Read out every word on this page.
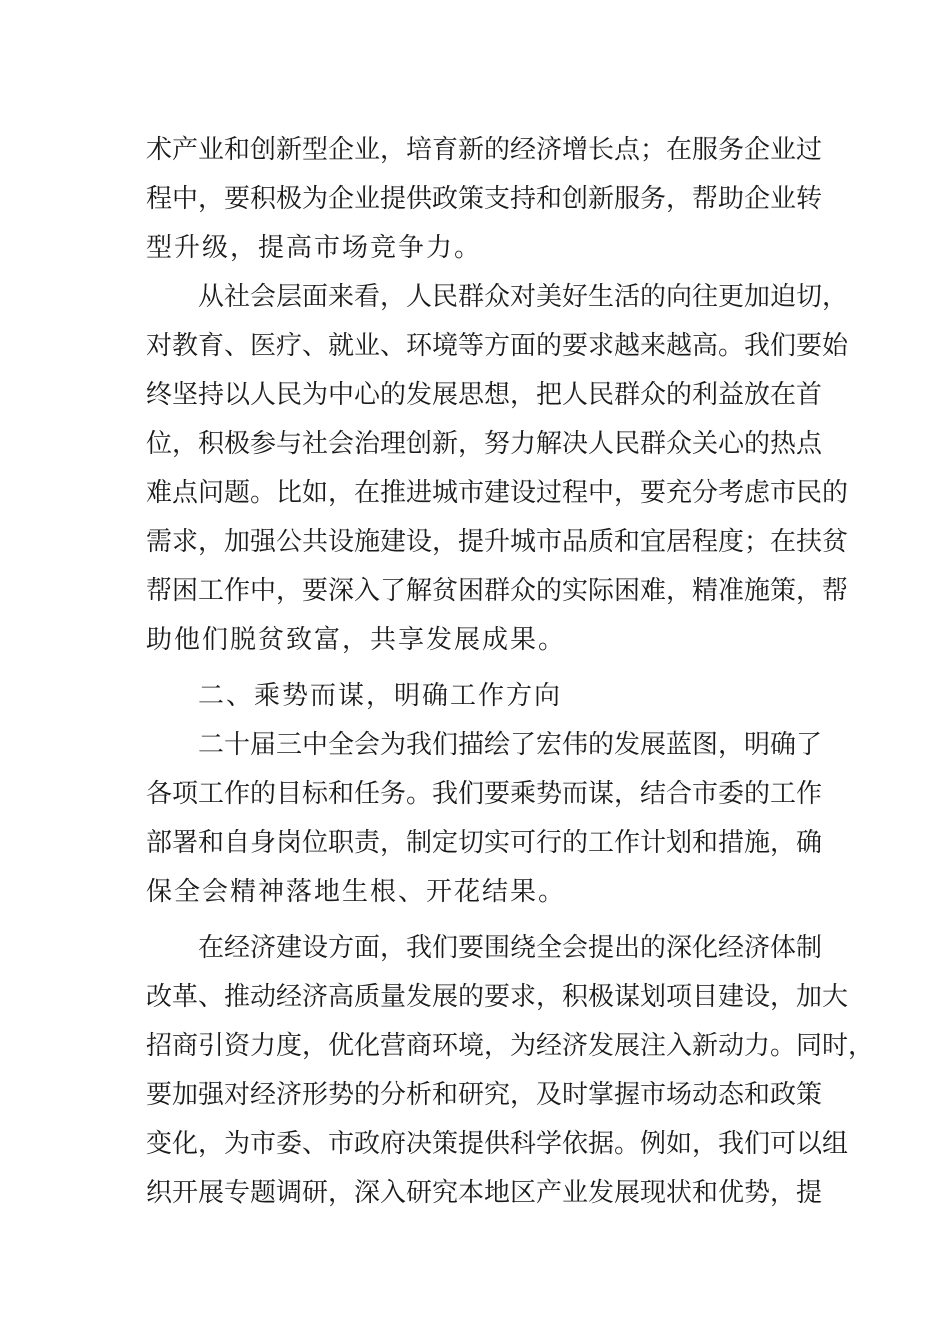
术产业和创新型企业，培育新的经济增长点；在服务企业过
程中，要积极为企业提供政策支持和创新服务，帮助企业转
型升级，提高市场竞争力。
从社会层面来看，人民群众对美好生活的向往更加迫切，
对教育、医疗、就业、环境等方面的要求越来越高。我们要始
终坚持以人民为中心的发展思想，把人民群众的利益放在首
位，积极参与社会治理创新，努力解决人民群众关心的热点
难点问题。比如，在推进城市建设过程中，要充分考虑市民的
需求，加强公共设施建设，提升城市品质和宜居程度；在扶贫
帮困工作中，要深入了解贫困群众的实际困难，精准施策，帮
助他们脱贫致富，共享发展成果。
二、乘势而谋，明确工作方向
二十届三中全会为我们描绘了宏伟的发展蓝图，明确了
各项工作的目标和任务。我们要乘势而谋，结合市委的工作
部署和自身岗位职责，制定切实可行的工作计划和措施，确
保全会精神落地生根、开花结果。
在经济建设方面，我们要围绕全会提出的深化经济体制
改革、推动经济高质量发展的要求，积极谋划项目建设，加大
招商引资力度，优化营商环境，为经济发展注入新动力。同时，
要加强对经济形势的分析和研究，及时掌握市场动态和政策
变化，为市委、市政府决策提供科学依据。例如，我们可以组
织开展专题调研，深入研究本地区产业发展现状和优势，提
